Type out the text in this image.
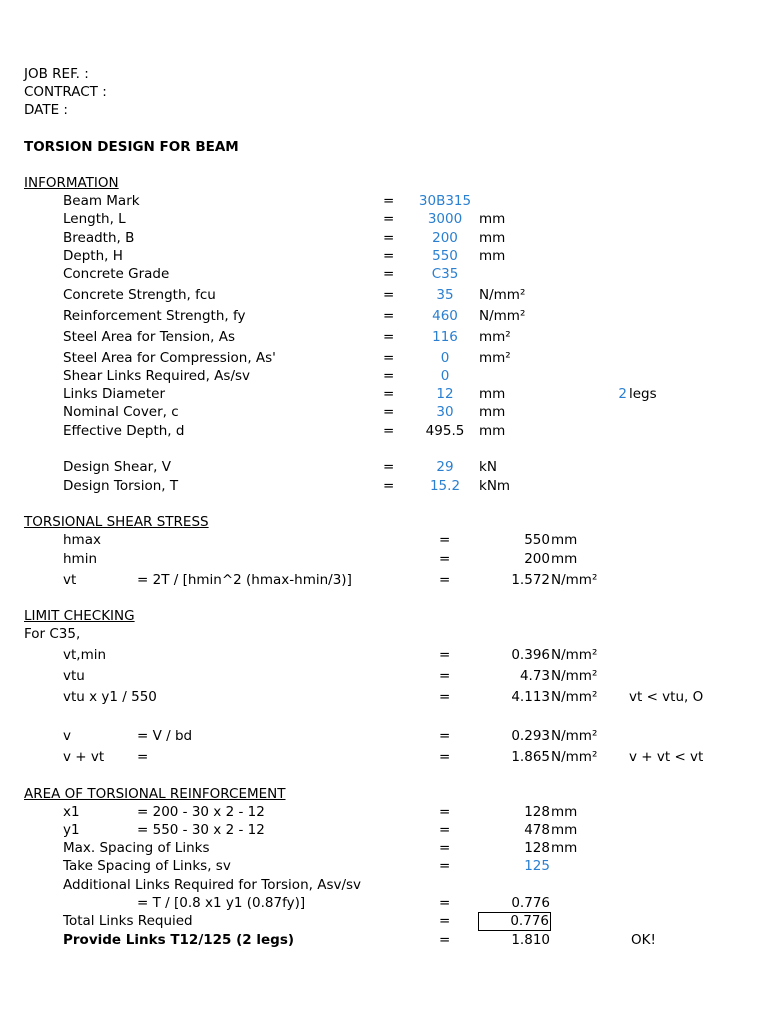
JOB REF. :
CONTRACT :
DATE :
TORSION DESIGN FOR BEAM
INFORMATION
Beam Mark	=	30B315
Length, L	=	3000	mm
Breadth, B	=	200	mm
Depth, H	=	550	mm
Concrete Grade	=	C35
Concrete Strength, fcu	=	35	N/mm²
Reinforcement Strength, fy	=	460	N/mm²
Steel Area for Tension, As	=	116	mm²
Steel Area for Compression, As'	=	0	mm²
Shear Links Required, As/sv	=	0
Links Diameter	=	12	mm	2 legs
Nominal Cover, c	=	30	mm
Effective Depth, d	=	495.5	mm
Design Shear, V	=	29	kN
Design Torsion, T	=	15.2	kNm
TORSIONAL SHEAR STRESS
hmax	=	550 mm
hmin	=	200 mm
vt	= 2T / [hmin^2 (hmax-hmin/3)]	=	1.572 N/mm²
LIMIT CHECKING
For C35,
vt,min	=	0.396 N/mm²
vtu	=	4.73 N/mm²
vtu x y1 / 550	=	4.113 N/mm² vt < vtu, O
v	= V / bd	=	0.293 N/mm²
v + vt =	=	1.865 N/mm² v + vt < vt
AREA OF TORSIONAL REINFORCEMENT
x1	= 200 - 30 x 2 - 12	=	128 mm
y1	= 550 - 30 x 2 - 12	=	478 mm
Max. Spacing of Links	=	128 mm
Take Spacing of Links, sv	=	125
Additional Links Required for Torsion, Asv/sv
= T / [0.8 x1 y1 (0.87fy)]	=	0.776
Total Links Requied	=	0.776
Provide Links T12/125 (2 legs)	=	1.810	OK!
